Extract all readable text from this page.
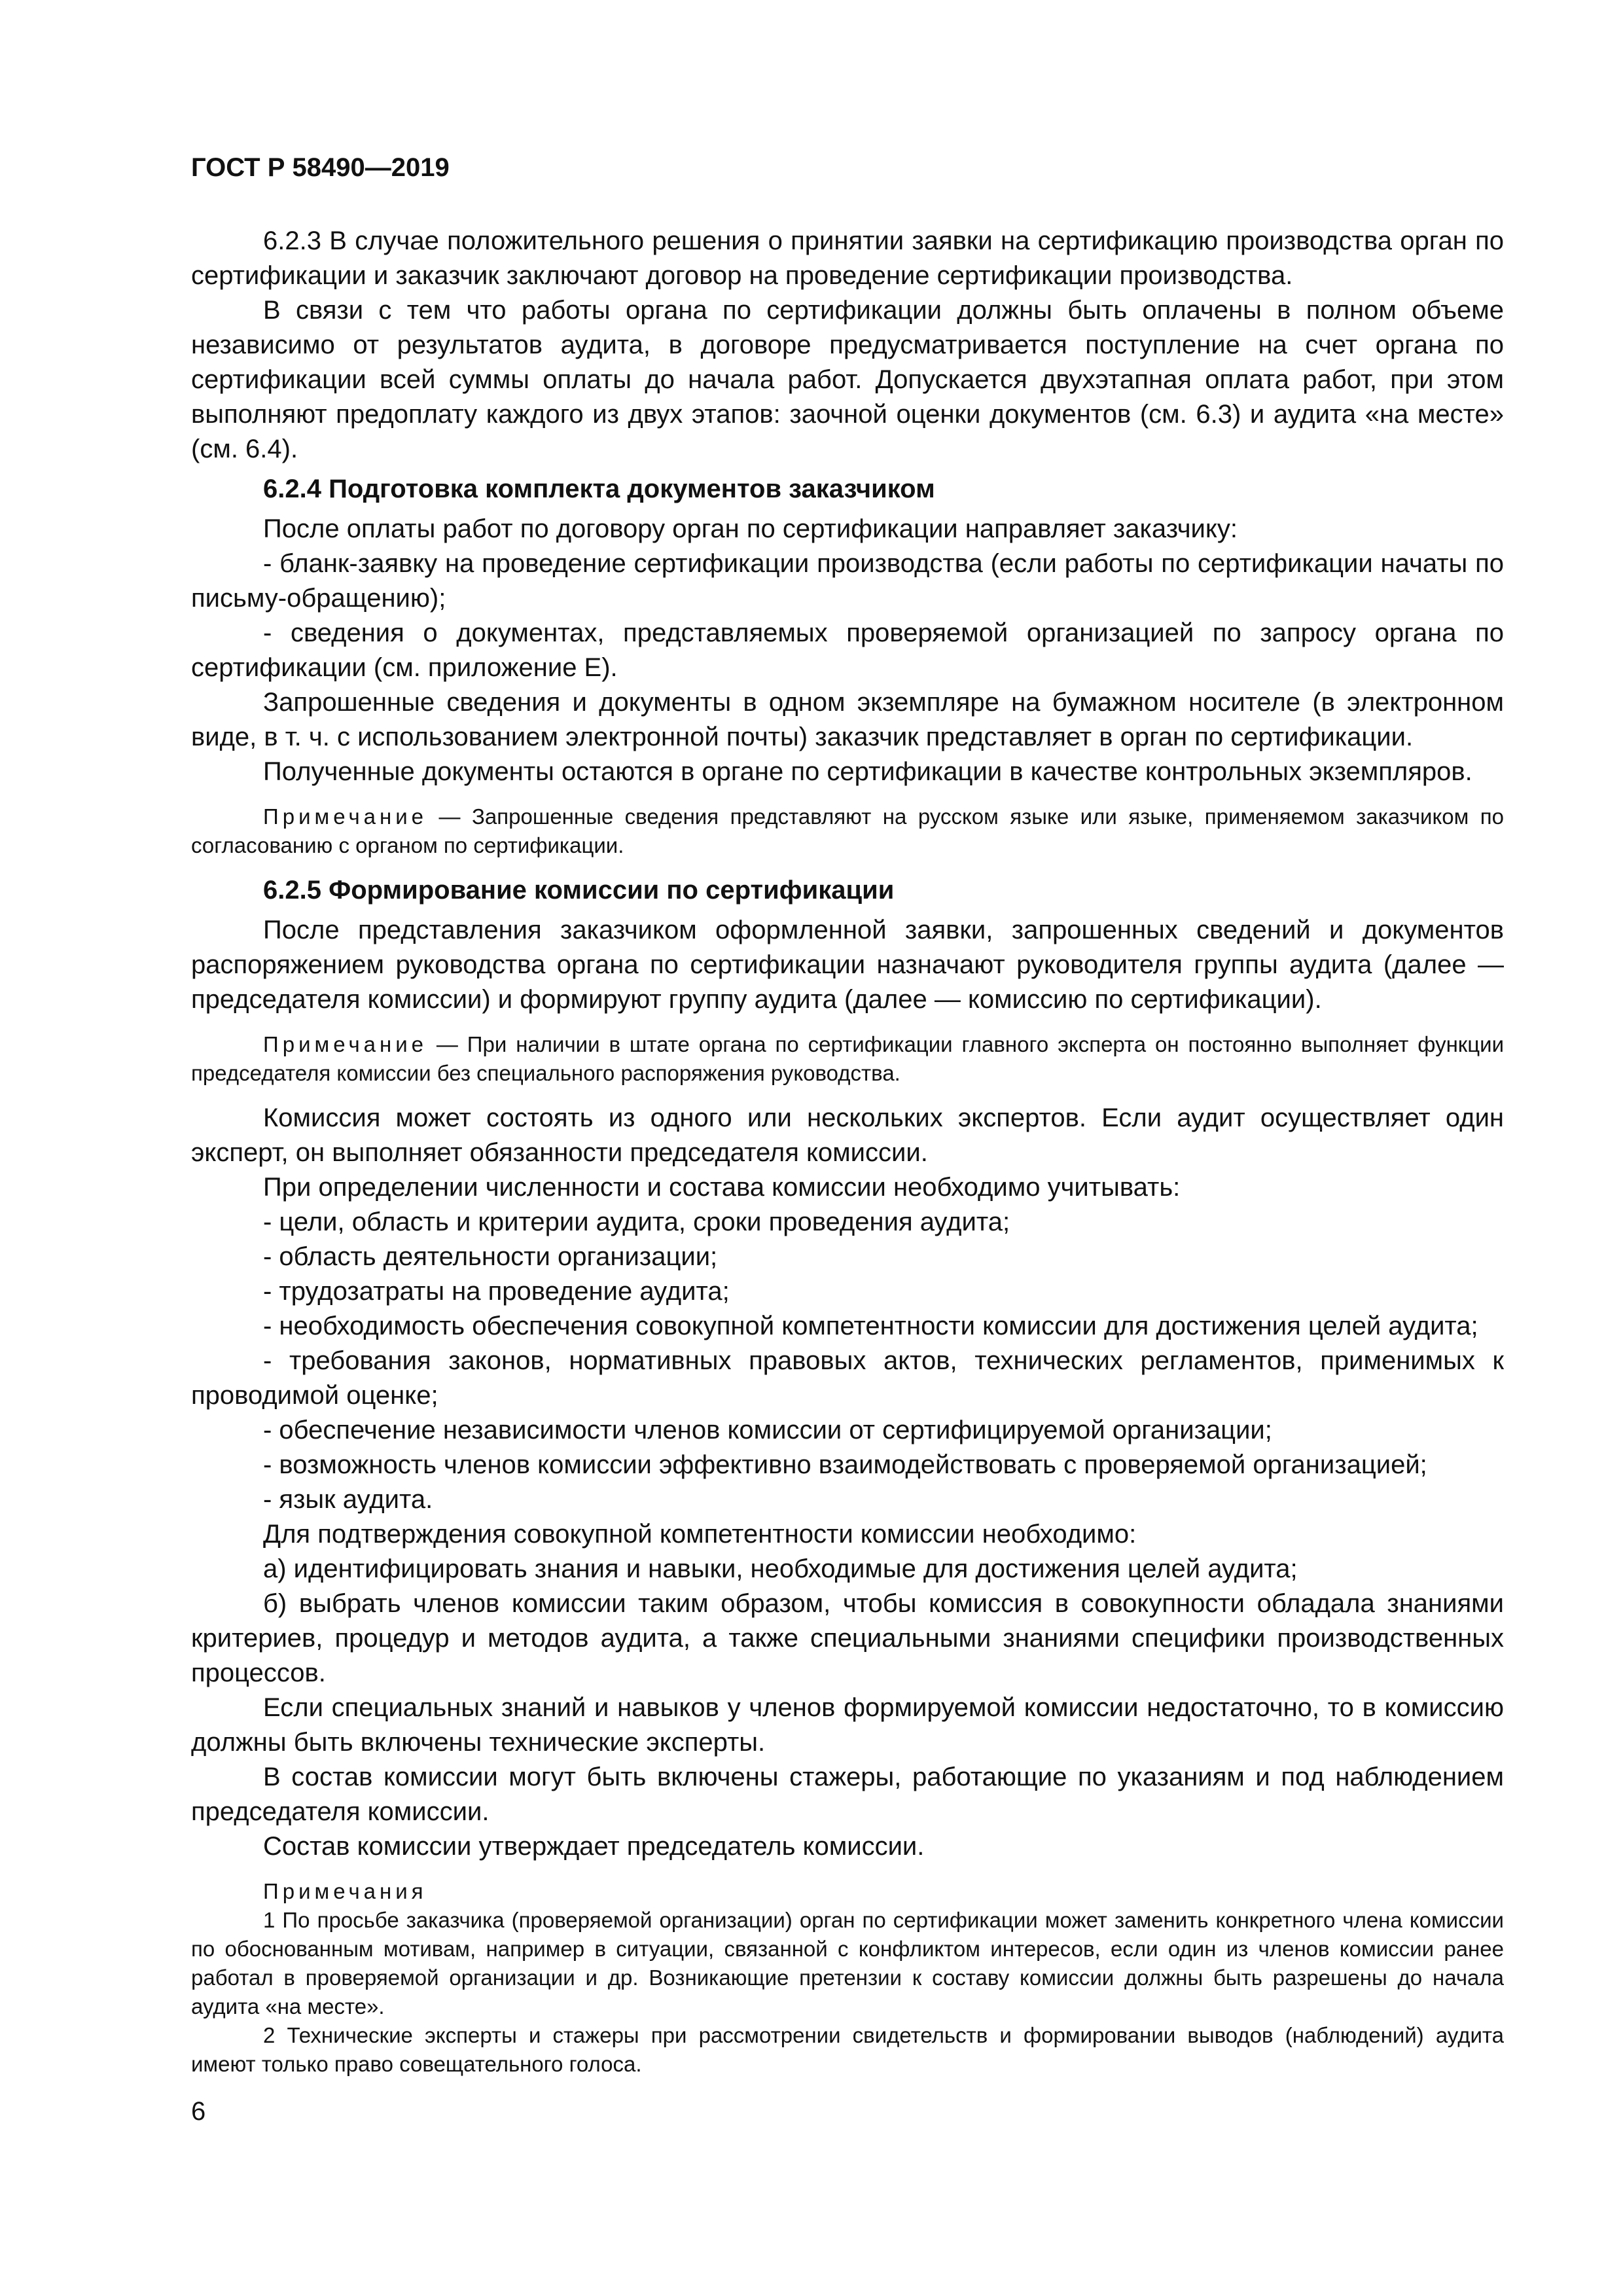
ГОСТ Р 58490—2019

6.2.3 В случае положительного решения о принятии заявки на сертификацию производства орган по сертификации и заказчик заключают договор на проведение сертификации производства.

В связи с тем что работы органа по сертификации должны быть оплачены в полном объеме независимо от результатов аудита, в договоре предусматривается поступление на счет органа по сертификации всей суммы оплаты до начала работ. Допускается двухэтапная оплата работ, при этом выполняют предоплату каждого из двух этапов: заочной оценки документов (см. 6.3) и аудита «на месте» (см. 6.4).

6.2.4 Подготовка комплекта документов заказчиком

После оплаты работ по договору орган по сертификации направляет заказчику:

- бланк-заявку на проведение сертификации производства (если работы по сертификации начаты по письму-обращению);

- сведения о документах, представляемых проверяемой организацией по запросу органа по сертификации (см. приложение Е).

Запрошенные сведения и документы в одном экземпляре на бумажном носителе (в электронном виде, в т. ч. с использованием электронной почты) заказчик представляет в орган по сертификации.

Полученные документы остаются в органе по сертификации в качестве контрольных экземпляров.

Примечание — Запрошенные сведения представляют на русском языке или языке, применяемом заказчиком по согласованию с органом по сертификации.

6.2.5 Формирование комиссии по сертификации

После представления заказчиком оформленной заявки, запрошенных сведений и документов распоряжением руководства органа по сертификации назначают руководителя группы аудита (далее — председателя комиссии) и формируют группу аудита (далее — комиссию по сертификации).

Примечание — При наличии в штате органа по сертификации главного эксперта он постоянно выполняет функции председателя комиссии без специального распоряжения руководства.

Комиссия может состоять из одного или нескольких экспертов. Если аудит осуществляет один эксперт, он выполняет обязанности председателя комиссии.

При определении численности и состава комиссии необходимо учитывать:

- цели, область и критерии аудита, сроки проведения аудита;

- область деятельности организации;

- трудозатраты на проведение аудита;

- необходимость обеспечения совокупной компетентности комиссии для достижения целей аудита;

- требования законов, нормативных правовых актов, технических регламентов, применимых к проводимой оценке;

- обеспечение независимости членов комиссии от сертифицируемой организации;

- возможность членов комиссии эффективно взаимодействовать с проверяемой организацией;

- язык аудита.

Для подтверждения совокупной компетентности комиссии необходимо:

а) идентифицировать знания и навыки, необходимые для достижения целей аудита;

б) выбрать членов комиссии таким образом, чтобы комиссия в совокупности обладала знаниями критериев, процедур и методов аудита, а также специальными знаниями специфики производственных процессов.

Если специальных знаний и навыков у членов формируемой комиссии недостаточно, то в комиссию должны быть включены технические эксперты.

В состав комиссии могут быть включены стажеры, работающие по указаниям и под наблюдением председателя комиссии.

Состав комиссии утверждает председатель комиссии.

Примечания

1 По просьбе заказчика (проверяемой организации) орган по сертификации может заменить конкретного члена комиссии по обоснованным мотивам, например в ситуации, связанной с конфликтом интересов, если один из членов комиссии ранее работал в проверяемой организации и др. Возникающие претензии к составу комиссии должны быть разрешены до начала аудита «на месте».

2 Технические эксперты и стажеры при рассмотрении свидетельств и формировании выводов (наблюдений) аудита имеют только право совещательного голоса.

6
